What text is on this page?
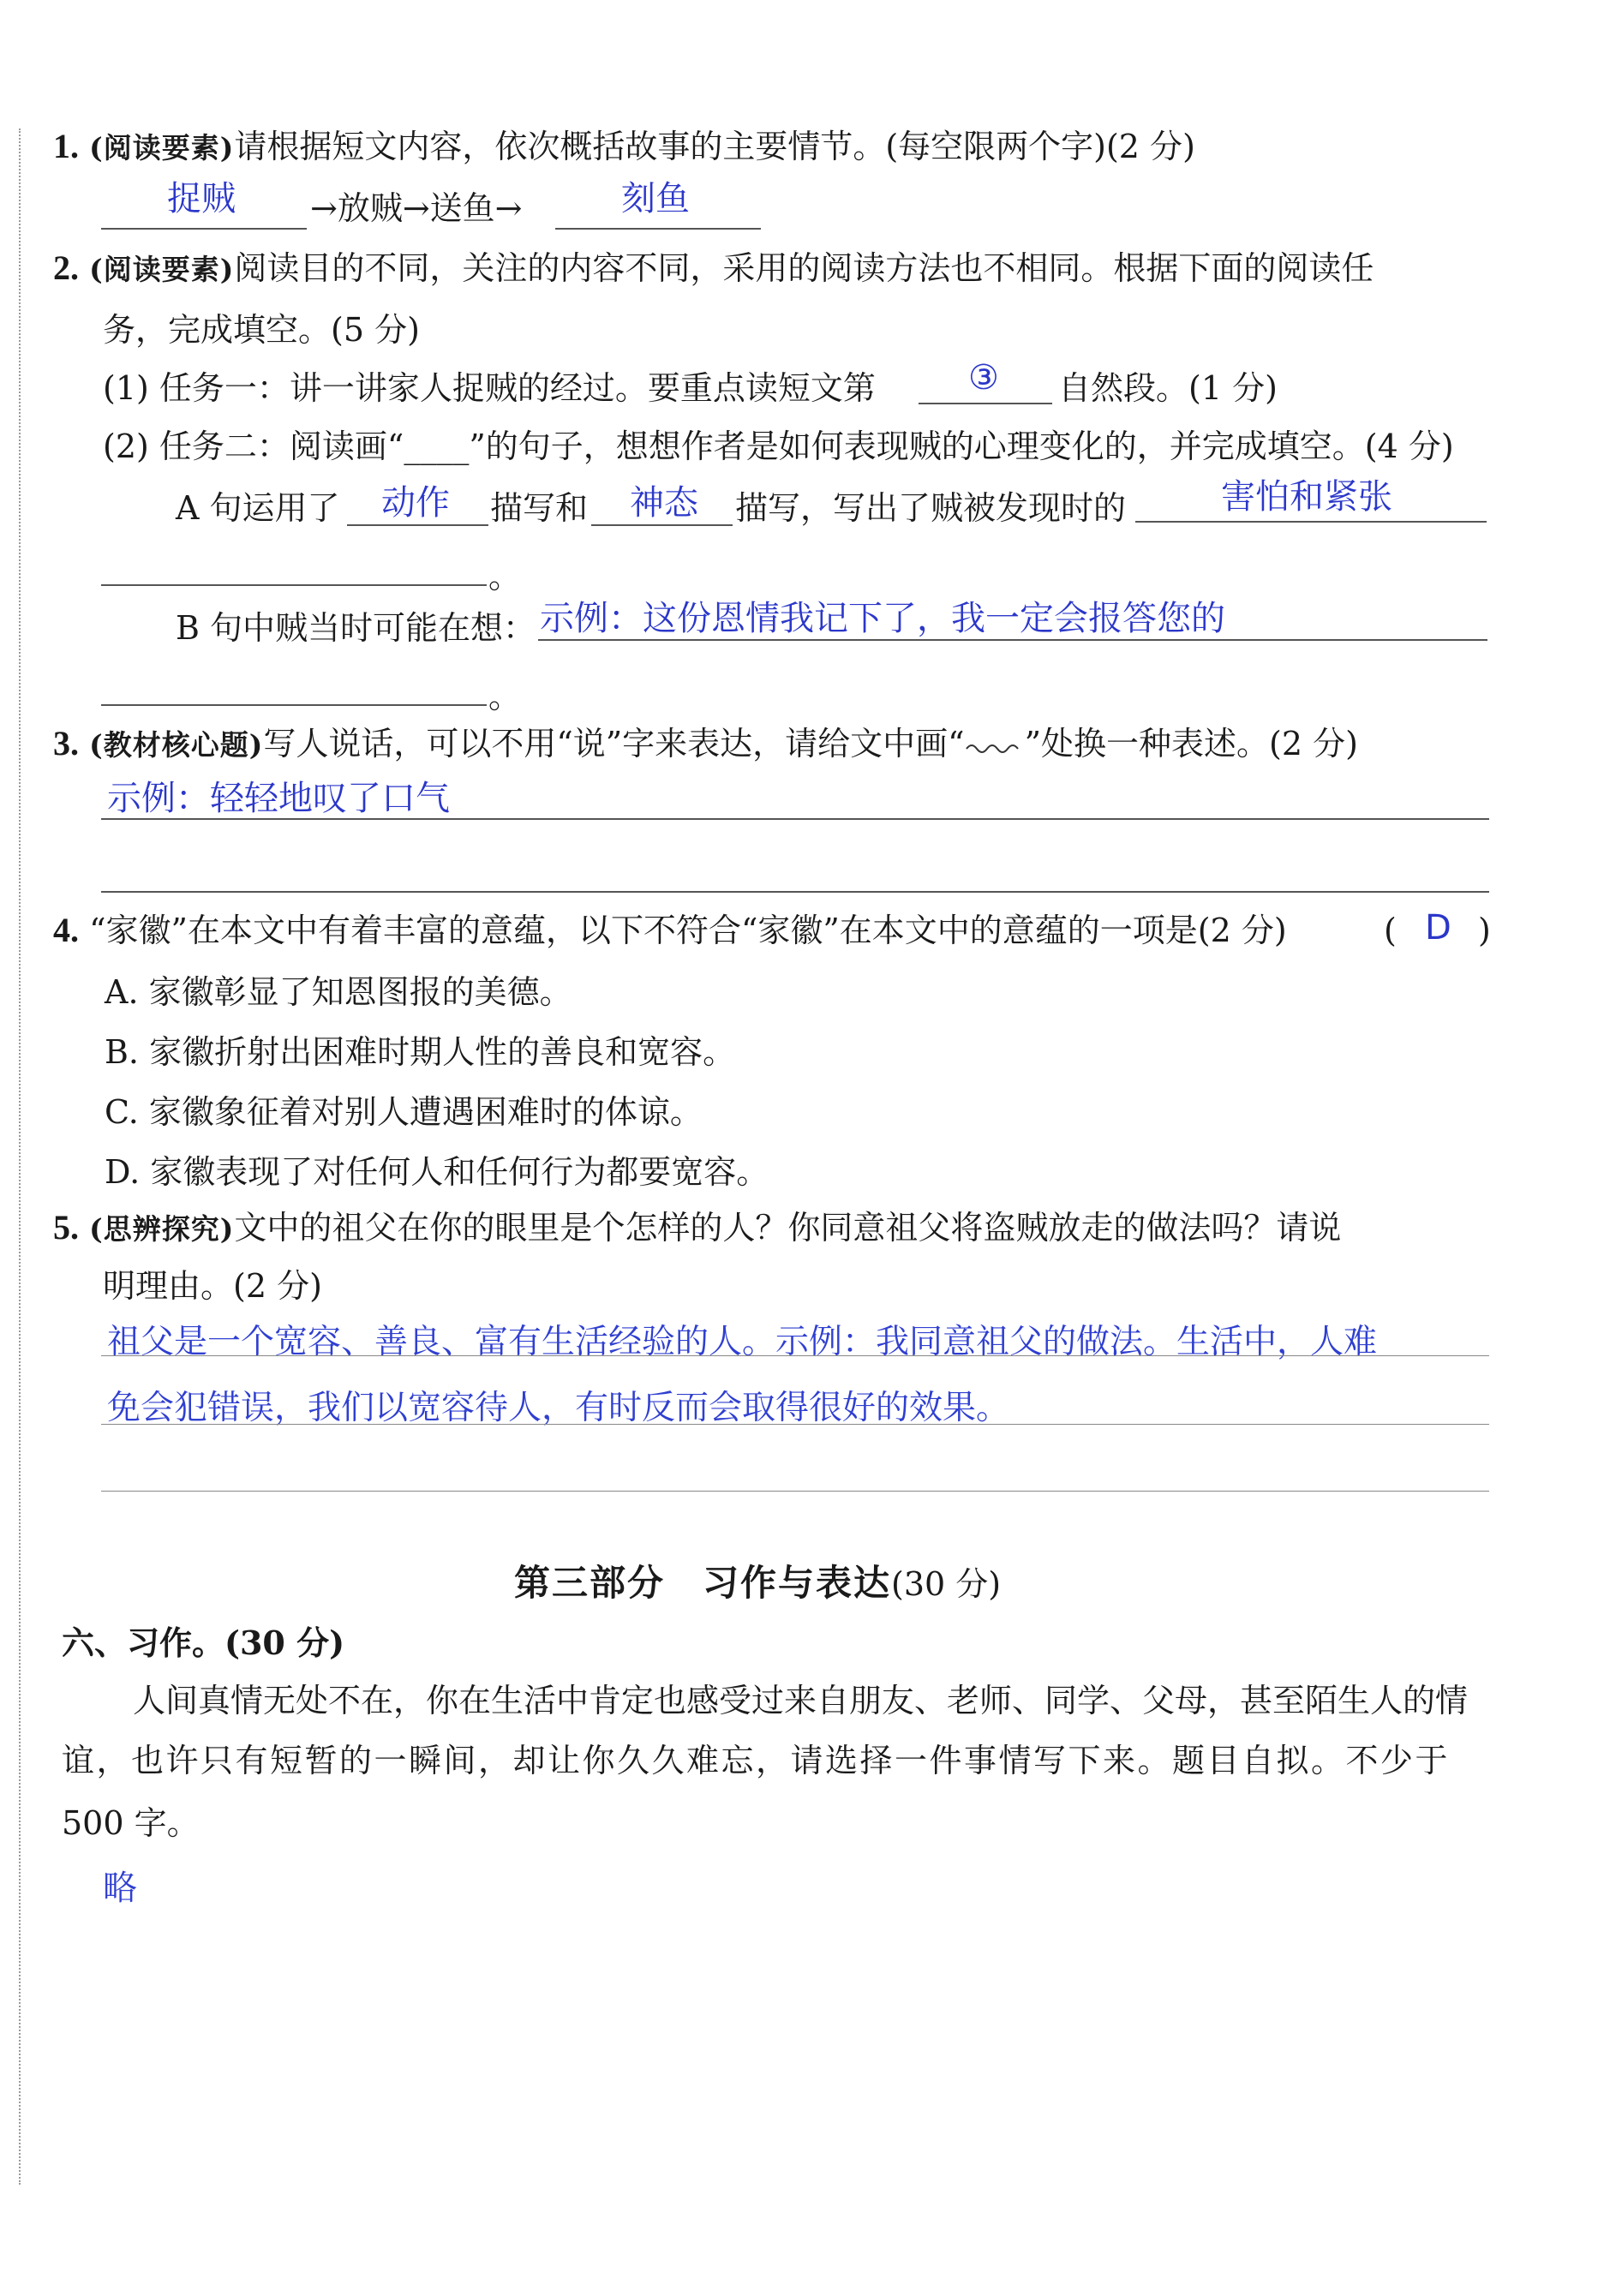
1. (阅读要素)请根据短文内容，依次概括故事的主要情节。(每空限两个字)(2 分)
捉贼 →放贼→送鱼→	刻鱼
2. (阅读要素)阅读目的不同，关注的内容不同，采用的阅读方法也不相同。根据下面的阅读任
务，完成填空。(5 分)
(1) 任务一：讲一讲家人捉贼的经过。要重点读短文第	③ 自然段。(1 分)
(2) 任务二：阅读画“____”的句子，想想作者是如何表现贼的心理变化的，并完成填空。(4 分)
A 句运用了 动作 描写和 神态 描写，写出了贼被发现时的	害怕和紧张
。
B 句中贼当时可能在想： 示例：这份恩情我记下了，我一定会报答您的
。
3. (教材核心题)写人说话，可以不用“说”字来表达，请给文中画“ ”处换一种表述。(2 分)
示例：轻轻地叹了口气
4. “家徽”在本文中有着丰富的意蕴，以下不符合“家徽”在本文中的意蕴的一项是(2 分)	( D )
A. 家徽彰显了知恩图报的美德。
B. 家徽折射出困难时期人性的善良和宽容。
C. 家徽象征着对别人遭遇困难时的体谅。
D. 家徽表现了对任何人和任何行为都要宽容。
5. (思辨探究)文中的祖父在你的眼里是个怎样的人？你同意祖父将盗贼放走的做法吗？请说
明理由。(2 分)
祖父是一个宽容、善良、富有生活经验的人。示例：我同意祖父的做法。生活中，人难
免会犯错误，我们以宽容待人，有时反而会取得很好的效果。
第三部分　习作与表达(30 分)
六、习作。(30 分)
人间真情无处不在，你在生活中肯定也感受过来自朋友、老师、同学、父母，甚至陌生人的情
谊，也许只有短暂的一瞬间，却让你久久难忘，请选择一件事情写下来。题目自拟。不少于
500 字。
略
